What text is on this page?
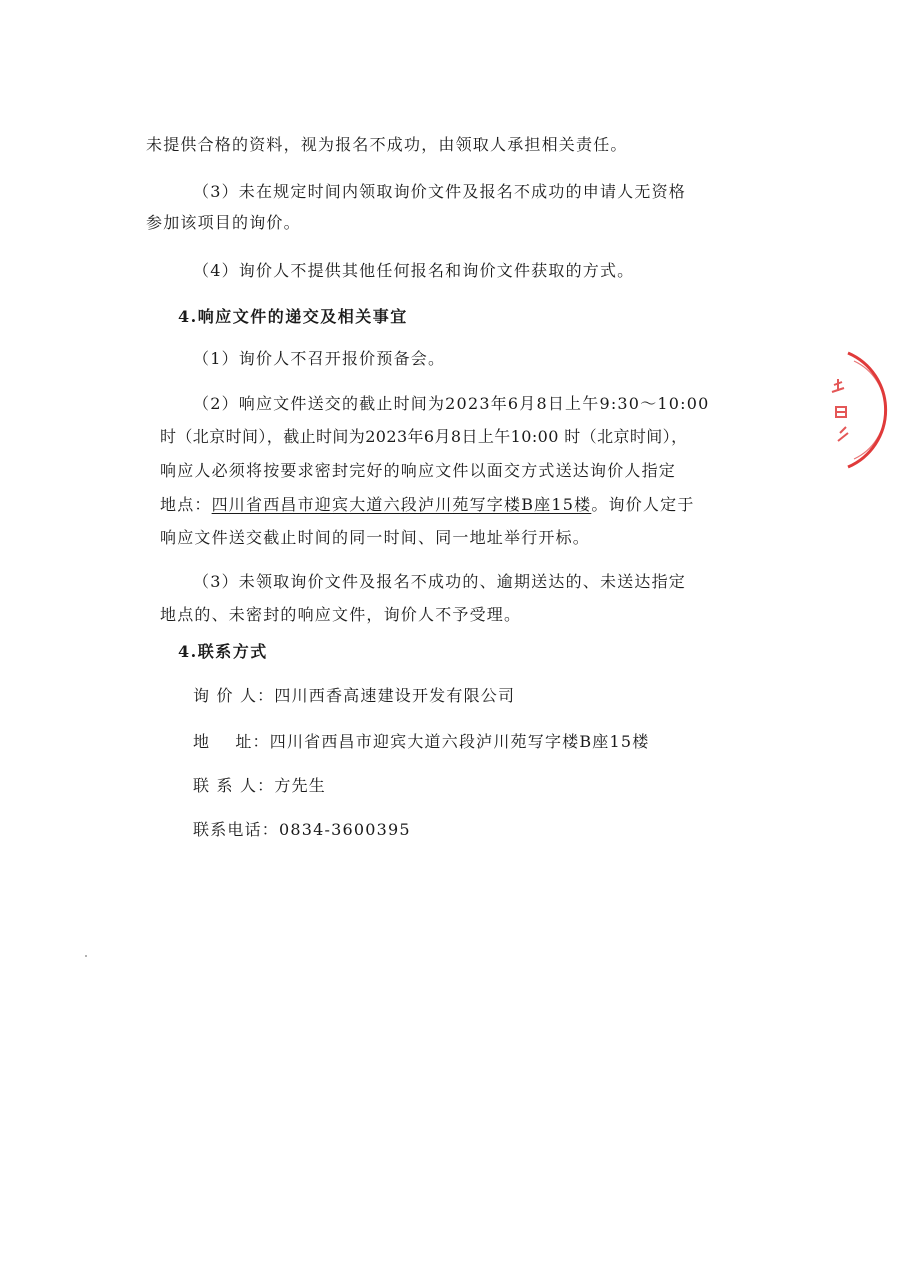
未提供合格的资料，视为报名不成功，由领取人承担相关责任。
（3）未在规定时间内领取询价文件及报名不成功的申请人无资格
参加该项目的询价。
（4）询价人不提供其他任何报名和询价文件获取的方式。
4.响应文件的递交及相关事宜
（1）询价人不召开报价预备会。
（2）响应文件送交的截止时间为2023年6月8日上午9:30～10:00
时（北京时间），截止时间为2023年6月8日上午10:00 时（北京时间），
响应人必须将按要求密封完好的响应文件以面交方式送达询价人指定
地点：四川省西昌市迎宾大道六段泸川苑写字楼B座15楼。询价人定于
响应文件送交截止时间的同一时间、同一地址举行开标。
（3）未领取询价文件及报名不成功的、逾期送达的、未送达指定
地点的、未密封的响应文件，询价人不予受理。
4.联系方式
询 价 人：四川西香高速建设开发有限公司
地    址：四川省西昌市迎宾大道六段泸川苑写字楼B座15楼
联 系 人：方先生
联系电话：0834-3600395
